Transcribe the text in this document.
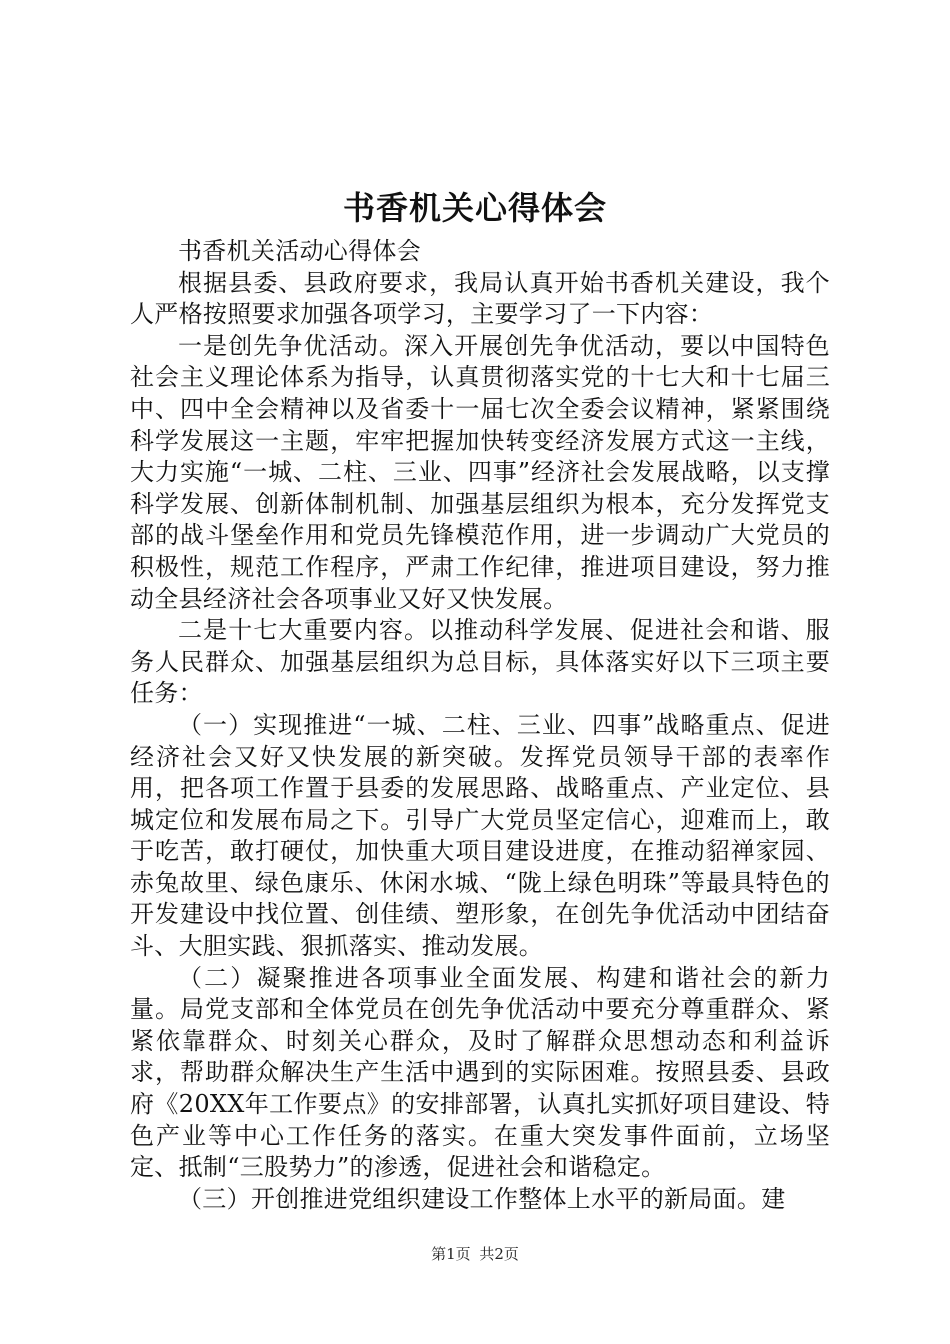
书香机关心得体会

书香机关活动心得体会

根据县委、县政府要求，我局认真开始书香机关建设，我个人严格按照要求加强各项学习，主要学习了一下内容：

一是创先争优活动。深入开展创先争优活动，要以中国特色社会主义理论体系为指导，认真贯彻落实党的十七大和十七届三中、四中全会精神以及省委十一届七次全委会议精神，紧紧围绕科学发展这一主题，牢牢把握加快转变经济发展方式这一主线，大力实施“一城、二柱、三业、四事”经济社会发展战略，以支撑科学发展、创新体制机制、加强基层组织为根本，充分发挥党支部的战斗堡垒作用和党员先锋模范作用，进一步调动广大党员的积极性，规范工作程序，严肃工作纪律，推进项目建设，努力推动全县经济社会各项事业又好又快发展。

二是十七大重要内容。以推动科学发展、促进社会和谐、服务人民群众、加强基层组织为总目标，具体落实好以下三项主要任务：

（一）实现推进“一城、二柱、三业、四事”战略重点、促进经济社会又好又快发展的新突破。发挥党员领导干部的表率作用，把各项工作置于县委的发展思路、战略重点、产业定位、县城定位和发展布局之下。引导广大党员坚定信心，迎难而上，敢于吃苦，敢打硬仗，加快重大项目建设进度，在推动貂禅家园、赤兔故里、绿色康乐、休闲水城、“陇上绿色明珠”等最具特色的开发建设中找位置、创佳绩、塑形象，在创先争优活动中团结奋斗、大胆实践、狠抓落实、推动发展。

（二）凝聚推进各项事业全面发展、构建和谐社会的新力量。局党支部和全体党员在创先争优活动中要充分尊重群众、紧紧依靠群众、时刻关心群众，及时了解群众思想动态和利益诉求，帮助群众解决生产生活中遇到的实际困难。按照县委、县政府《20XX年工作要点》的安排部署，认真扎实抓好项目建设、特色产业等中心工作任务的落实。在重大突发事件面前，立场坚定、抵制“三股势力”的渗透，促进社会和谐稳定。

（三）开创推进党组织建设工作整体上水平的新局面。建

第1页 共2页
